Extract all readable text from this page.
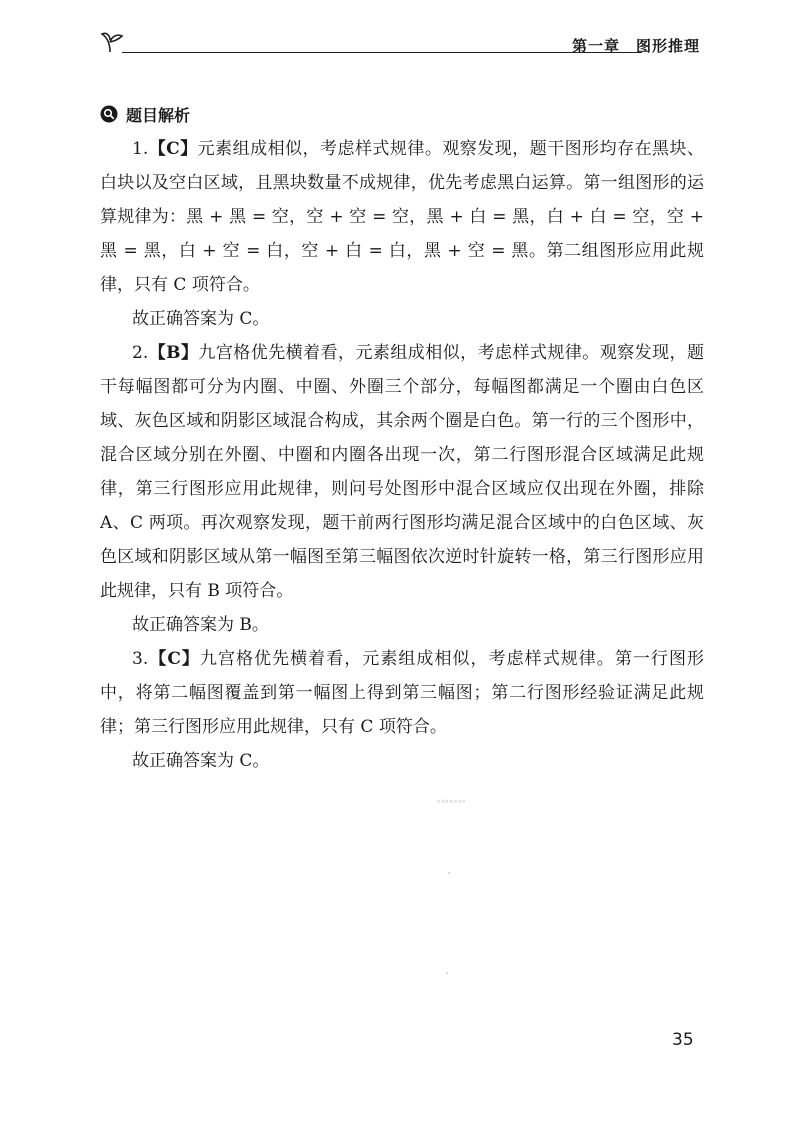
第一章 图形推理
题目解析

1.【C】元素组成相似，考虑样式规律。观察发现，题干图形均存在黑块、白块以及空白区域，且黑块数量不成规律，优先考虑黑白运算。第一组图形的运算规律为：黑 + 黑 = 空，空 + 空 = 空，黑 + 白 = 黑，白 + 白 = 空，空 + 黑 = 黑，白 + 空 = 白，空 + 白 = 白，黑 + 空 = 黑。第二组图形应用此规律，只有 C 项符合。

故正确答案为 C。

2.【B】九宫格优先横着看，元素组成相似，考虑样式规律。观察发现，题干每幅图都可分为内圈、中圈、外圈三个部分，每幅图都满足一个圈由白色区域、灰色区域和阴影区域混合构成，其余两个圈是白色。第一行的三个图形中，混合区域分别在外圈、中圈和内圈各出现一次，第二行图形混合区域满足此规律，第三行图形应用此规律，则问号处图形中混合区域应仅出现在外圈，排除 A、C 两项。再次观察发现，题干前两行图形均满足混合区域中的白色区域、灰色区域和阴影区域从第一幅图至第三幅图依次逆时针旋转一格，第三行图形应用此规律，只有 B 项符合。

故正确答案为 B。

3.【C】九宫格优先横着看，元素组成相似，考虑样式规律。第一行图形中，将第二幅图覆盖到第一幅图上得到第三幅图；第二行图形经验证满足此规律；第三行图形应用此规律，只有 C 项符合。

故正确答案为 C。

ᵃᵃᵇᵃᵉᵃᵉ
35
